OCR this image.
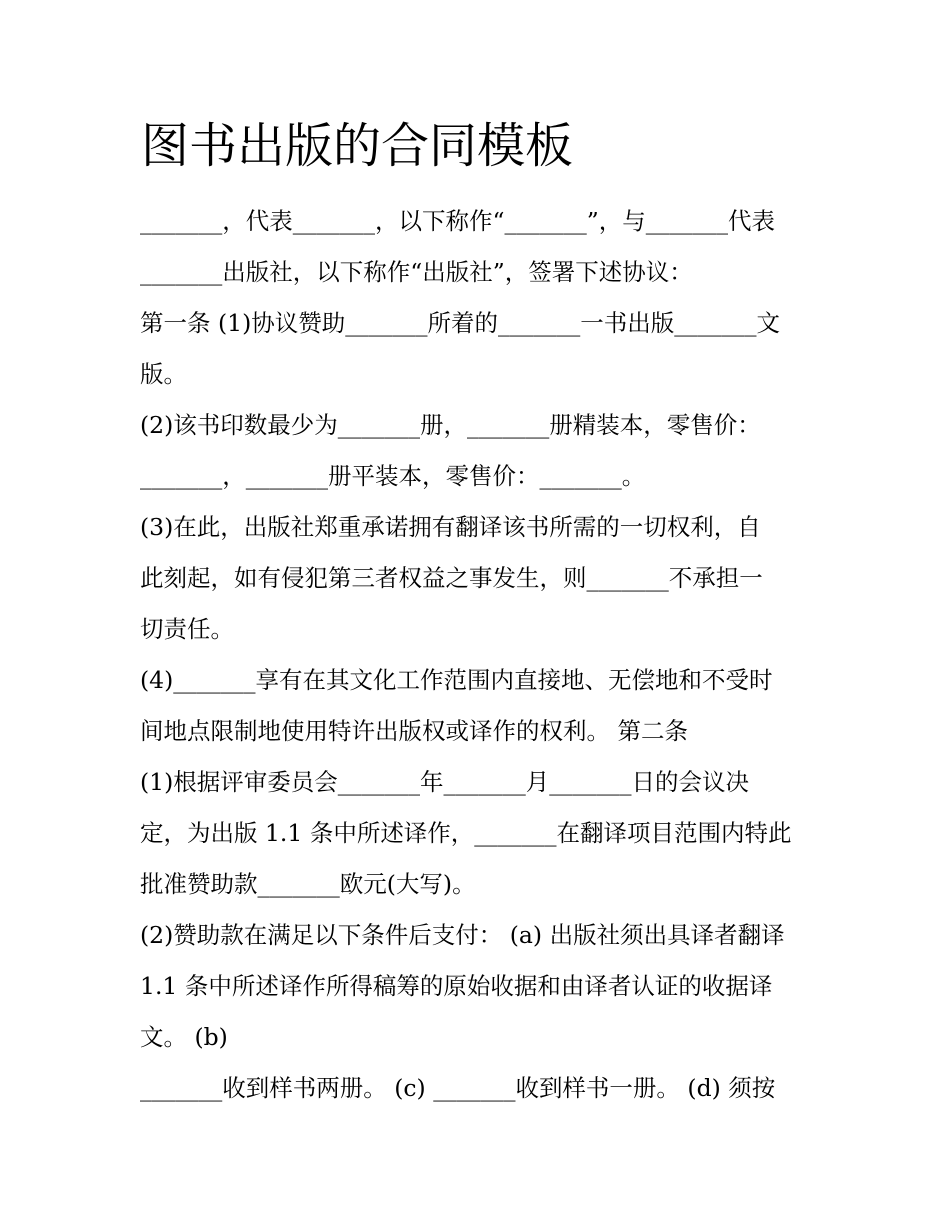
图书出版的合同模板
_______，代表_______，以下称作“_______”，与_______代表
_______出版社，以下称作“出版社”，签署下述协议：
第一条 (1)协议赞助_______所着的_______一书出版_______文
版。
(2)该书印数最少为_______册，_______册精装本，零售价：
_______，_______册平装本，零售价：_______。
(3)在此，出版社郑重承诺拥有翻译该书所需的一切权利，自
此刻起，如有侵犯第三者权益之事发生，则_______不承担一
切责任。
(4)_______享有在其文化工作范围内直接地、无偿地和不受时
间地点限制地使用特许出版权或译作的权利。 第二条
(1)根据评审委员会_______年_______月_______日的会议决
定，为出版 1.1 条中所述译作，_______在翻译项目范围内特此
批准赞助款_______欧元(大写)。
(2)赞助款在满足以下条件后支付： (a) 出版社须出具译者翻译
1.1 条中所述译作所得稿筹的原始收据和由译者认证的收据译
文。 (b)
_______收到样书两册。 (c) _______收到样书一册。 (d) 须按
